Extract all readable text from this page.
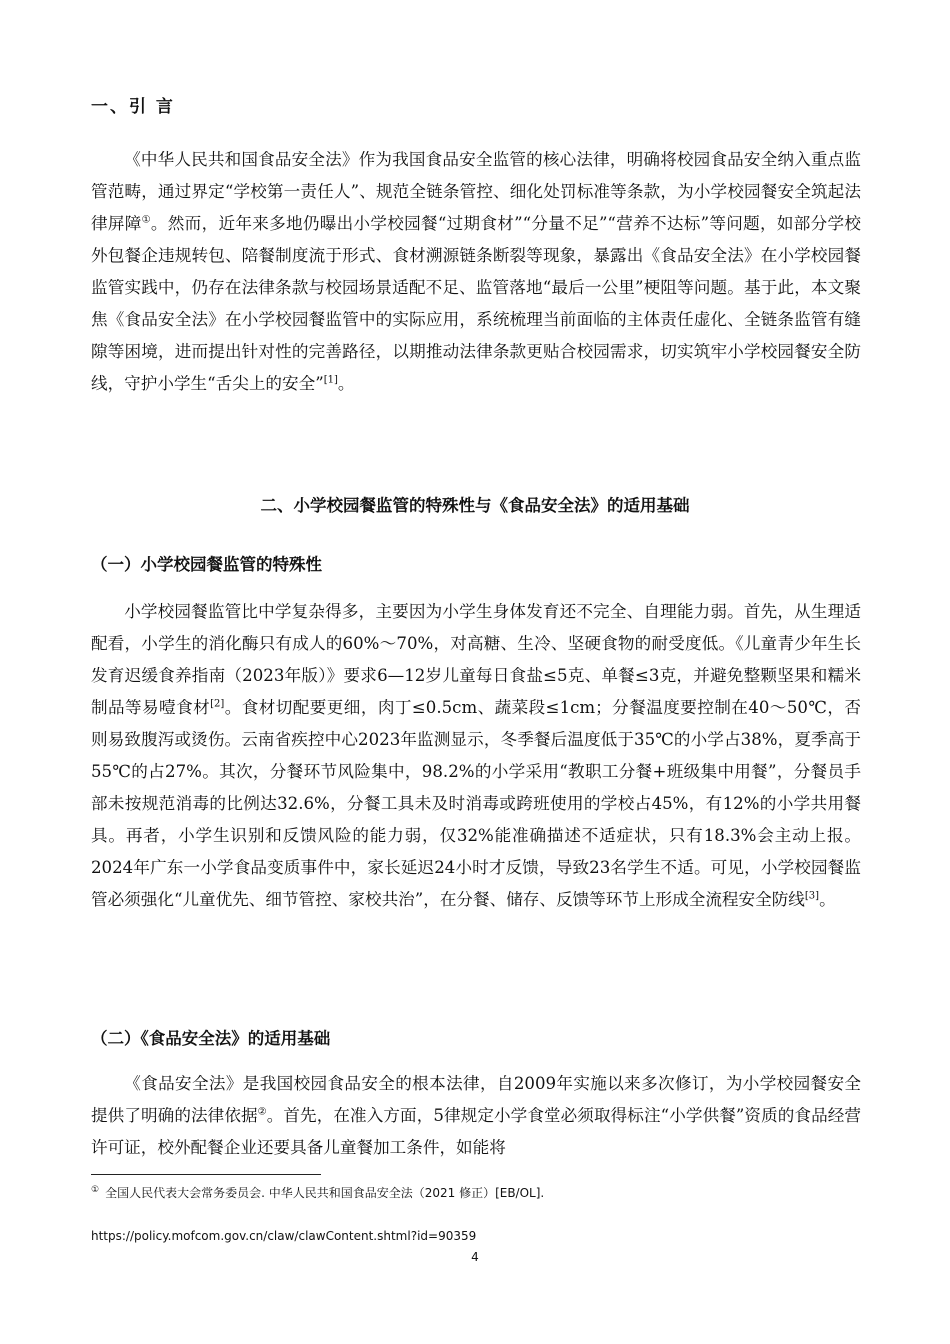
一、引 言

《中华人民共和国食品安全法》作为我国食品安全监管的核心法律，明确将校园食品安全纳入重点监管范畴，通过界定“学校第一责任人”、规范全链条管控、细化处罚标准等条款，为小学校园餐安全筑起法律屏障①。然而，近年来多地仍曝出小学校园餐“过期食材”“分量不足”“营养不达标”等问题，如部分学校外包餐企违规转包、陪餐制度流于形式、食材溯源链条断裂等现象，暴露出《食品安全法》在小学校园餐监管实践中，仍存在法律条款与校园场景适配不足、监管落地“最后一公里”梗阻等问题。基于此，本文聚焦《食品安全法》在小学校园餐监管中的实际应用，系统梳理当前面临的主体责任虚化、全链条监管有缝隙等困境，进而提出针对性的完善路径，以期推动法律条款更贴合校园需求，切实筑牢小学校园餐安全防线，守护小学生“舌尖上的安全”[1]。

二、小学校园餐监管的特殊性与《食品安全法》的适用基础
（一）小学校园餐监管的特殊性

小学校园餐监管比中学复杂得多，主要因为小学生身体发育还不完全、自理能力弱。首先，从生理适配看，小学生的消化酶只有成人的60%～70%，对高糖、生冷、坚硬食物的耐受度低。《儿童青少年生长发育迟缓食养指南（2023年版）》要求6—12岁儿童每日食盐≤5克、单餐≤3克，并避免整颗坚果和糯米制品等易噎食材[2]。食材切配要更细，肉丁≤0.5cm、蔬菜段≤1cm；分餐温度要控制在40～50℃，否则易致腹泻或烫伤。云南省疾控中心2023年监测显示，冬季餐后温度低于35℃的小学占38%，夏季高于55℃的占27%。其次，分餐环节风险集中，98.2%的小学采用“教职工分餐+班级集中用餐”，分餐员手部未按规范消毒的比例达32.6%，分餐工具未及时消毒或跨班使用的学校占45%，有12%的小学共用餐具。再者，小学生识别和反馈风险的能力弱，仅32%能准确描述不适症状，只有18.3%会主动上报。2024年广东一小学食品变质事件中，家长延迟24小时才反馈，导致23名学生不适。可见，小学校园餐监管必须强化“儿童优先、细节管控、家校共治”，在分餐、储存、反馈等环节上形成全流程安全防线[3]。

（二）《食品安全法》的适用基础

《食品安全法》是我国校园食品安全的根本法律，自2009年实施以来多次修订，为小学校园餐安全提供了明确的法律依据②。首先，在准入方面，5律规定小学食堂必须取得标注“小学供餐”资质的食品经营许可证，校外配餐企业还要具备儿童餐加工条件，如能将

① 全国人民代表大会常务委员会. 中华人民共和国食品安全法（2021 修正）[EB/OL].
https://policy.mofcom.gov.cn/claw/clawContent.shtml?id=90359
4
